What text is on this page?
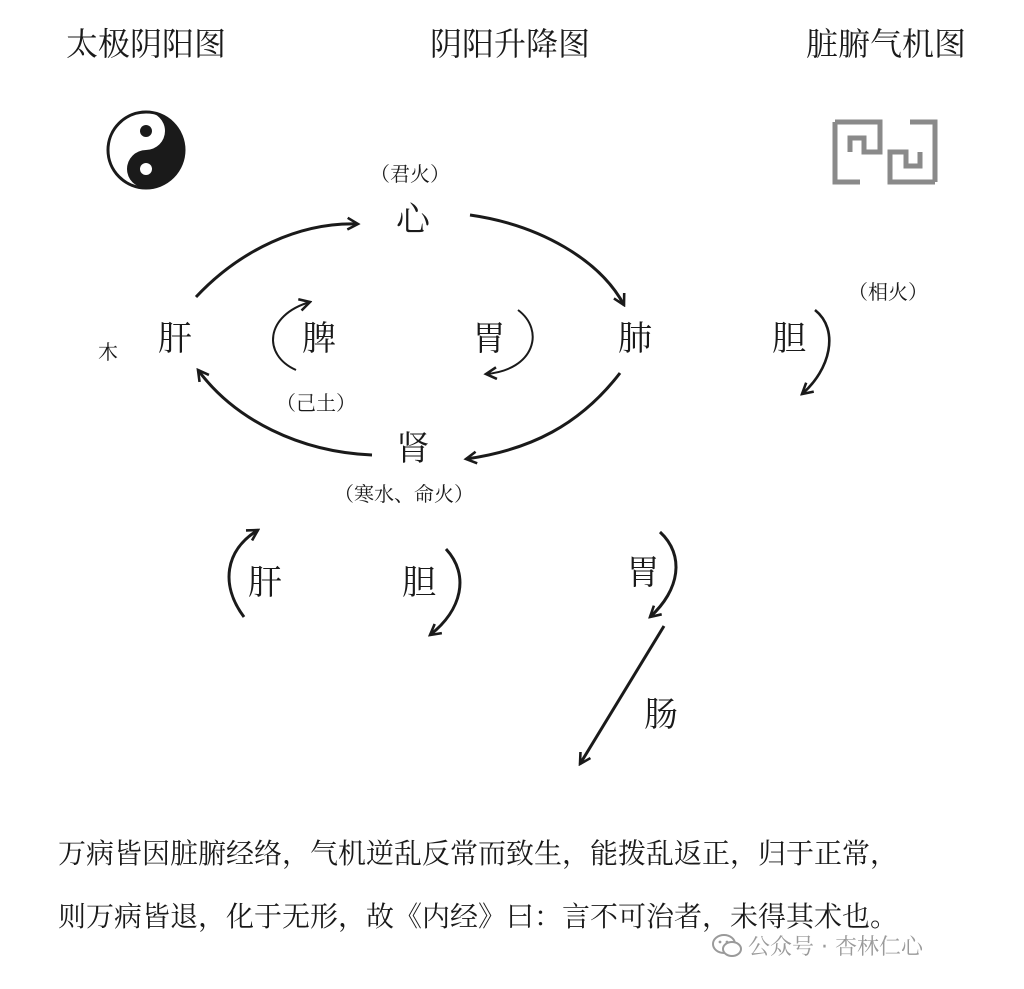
太极阴阳图	阴阳升降图	脏腑气机图
（君火）
心
木 肝	脾
（己土）
胃	肺	胆
（相火）
肾
（寒水、命火）
肝	胆	胃
肠
万病皆因脏腑经络，气机逆乱反常而致生，能拨乱返正，归于正常，
则万病皆退，化于无形，故《内经》曰：言不可治者，未得其术也。
公众号 · 杏林仁心
